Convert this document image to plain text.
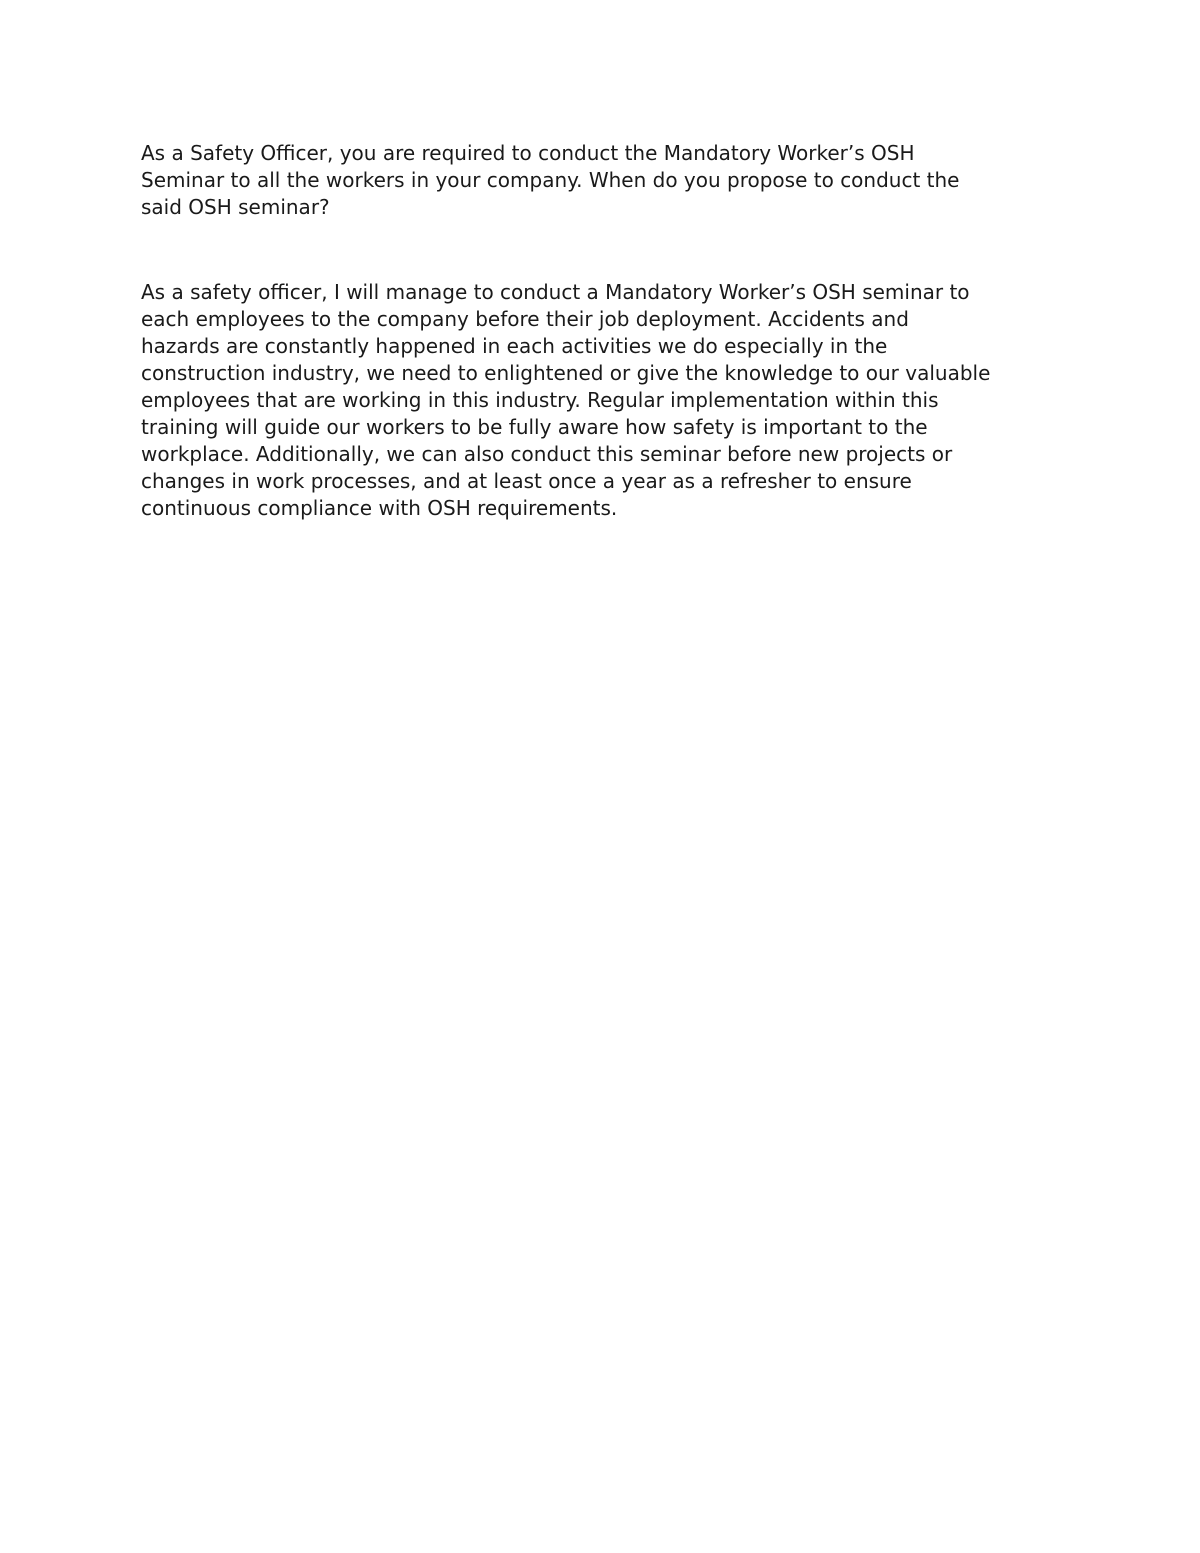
As a Safety Officer, you are required to conduct the Mandatory Worker’s OSH
Seminar to all the workers in your company. When do you propose to conduct the
said OSH seminar?

As a safety officer, I will manage to conduct a Mandatory Worker’s OSH seminar to
each employees to the company before their job deployment. Accidents and
hazards are constantly happened in each activities we do especially in the
construction industry, we need to enlightened or give the knowledge to our valuable
employees that are working in this industry. Regular implementation within this
training will guide our workers to be fully aware how safety is important to the
workplace. Additionally, we can also conduct this seminar before new projects or
changes in work processes, and at least once a year as a refresher to ensure
continuous compliance with OSH requirements.
